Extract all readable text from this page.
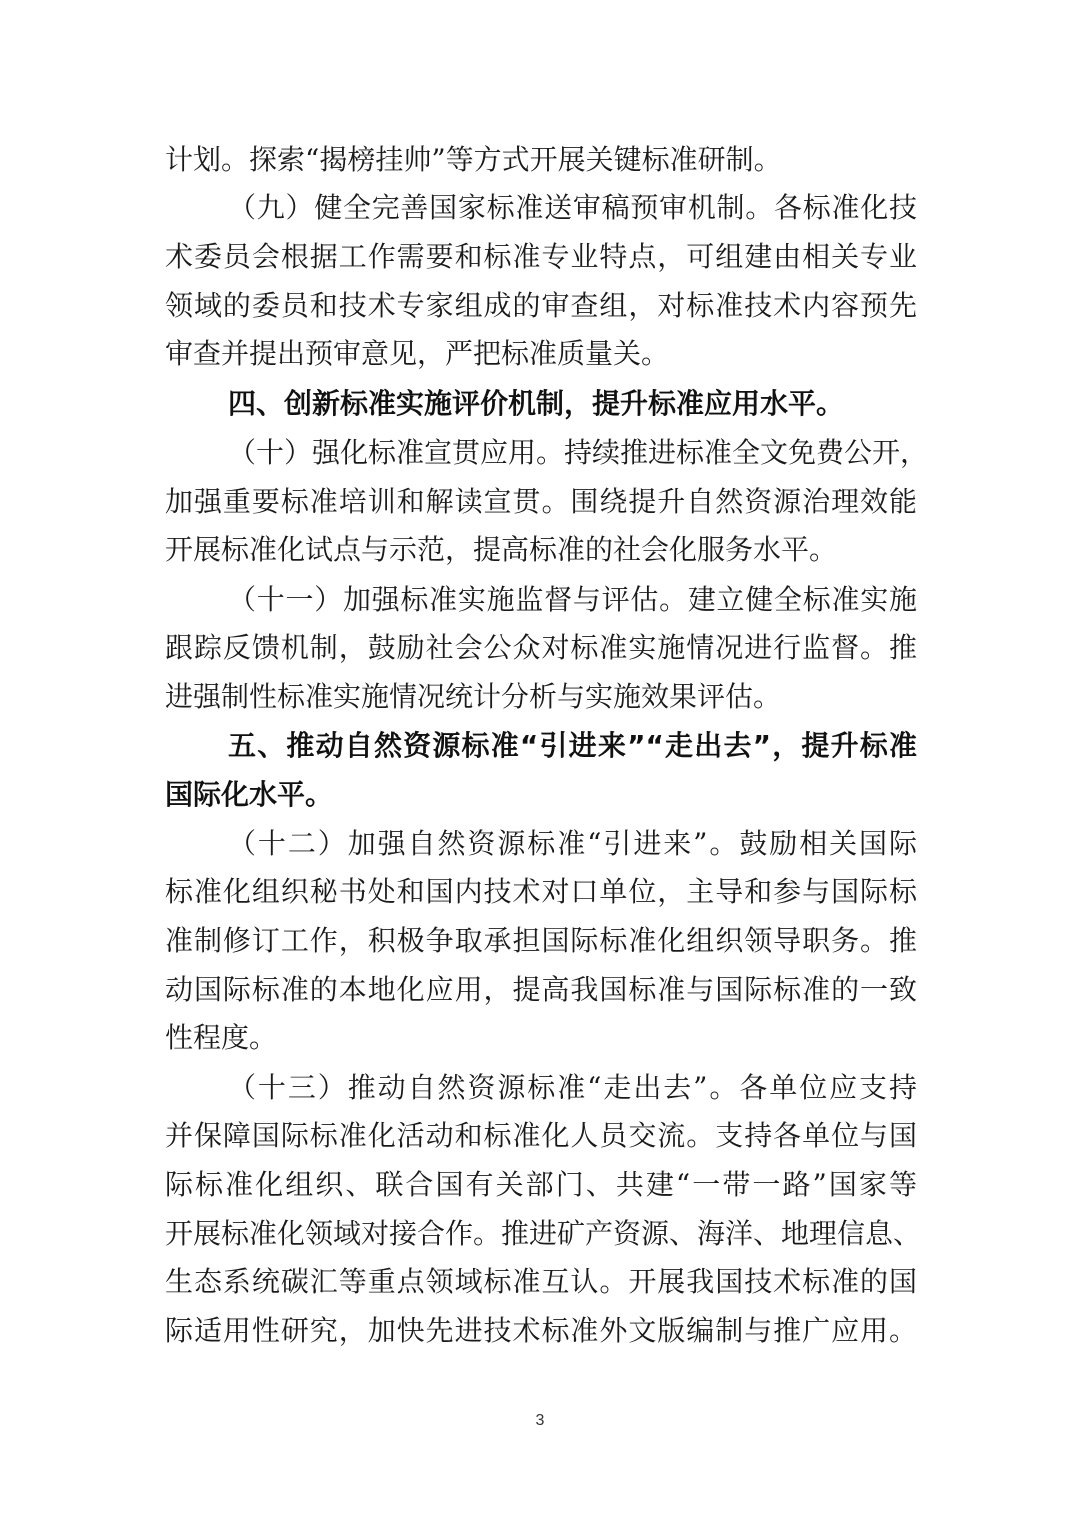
计划。探索“揭榜挂帅”等方式开展关键标准研制。
（九）健全完善国家标准送审稿预审机制。各标准化技
术委员会根据工作需要和标准专业特点，可组建由相关专业
领域的委员和技术专家组成的审查组，对标准技术内容预先
审查并提出预审意见，严把标准质量关。
四、创新标准实施评价机制，提升标准应用水平。
（十）强化标准宣贯应用。持续推进标准全文免费公开，
加强重要标准培训和解读宣贯。围绕提升自然资源治理效能
开展标准化试点与示范，提高标准的社会化服务水平。
（十一）加强标准实施监督与评估。建立健全标准实施
跟踪反馈机制，鼓励社会公众对标准实施情况进行监督。推
进强制性标准实施情况统计分析与实施效果评估。
五、推动自然资源标准“引进来”“走出去”，提升标准
国际化水平。
（十二）加强自然资源标准“引进来”。鼓励相关国际
标准化组织秘书处和国内技术对口单位，主导和参与国际标
准制修订工作，积极争取承担国际标准化组织领导职务。推
动国际标准的本地化应用，提高我国标准与国际标准的一致
性程度。
（十三）推动自然资源标准“走出去”。各单位应支持
并保障国际标准化活动和标准化人员交流。支持各单位与国
际标准化组织、联合国有关部门、共建“一带一路”国家等
开展标准化领域对接合作。推进矿产资源、海洋、地理信息、
生态系统碳汇等重点领域标准互认。开展我国技术标准的国
际适用性研究，加快先进技术标准外文版编制与推广应用。
3
